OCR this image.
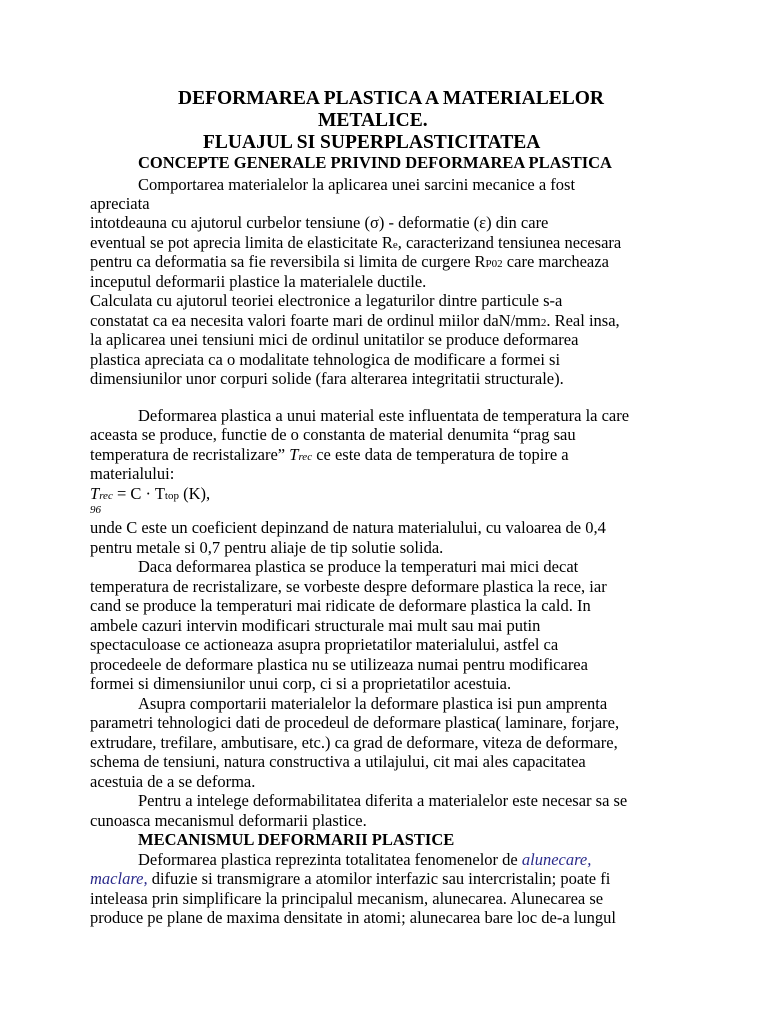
DEFORMAREA PLASTICA A MATERIALELOR
METALICE.
FLUAJUL SI SUPERPLASTICITATEA
CONCEPTE GENERALE PRIVIND DEFORMAREA PLASTICA
Comportarea materialelor la aplicarea unei sarcini mecanice a fost
apreciata
intotdeauna cu ajutorul curbelor tensiune (σ) - deformatie (ε) din care
eventual se pot aprecia limita de elasticitate Re, caracterizand tensiunea necesara
pentru ca deformatia sa fie reversibila si limita de curgere RP02 care marcheaza
inceputul deformarii plastice la materialele ductile.
Calculata cu ajutorul teoriei electronice a legaturilor dintre particule s-a
constatat ca ea necesita valori foarte mari de ordinul miilor daN/mm2. Real insa,
la aplicarea unei tensiuni mici de ordinul unitatilor se produce deformarea
plastica apreciata ca o modalitate tehnologica de modificare a formei si
dimensiunilor unor corpuri solide (fara alterarea integritatii structurale).
Deformarea plastica a unui material este influentata de temperatura la care
aceasta se produce, functie de o constanta de material denumita “prag sau
temperatura de recristalizare” Trec ce este data de temperatura de topire a
materialului:
Trec = C · Ttop (K),
96
unde C este un coeficient depinzand de natura materialului, cu valoarea de 0,4
pentru metale si 0,7 pentru aliaje de tip solutie solida.
Daca deformarea plastica se produce la temperaturi mai mici decat
temperatura de recristalizare, se vorbeste despre deformare plastica la rece, iar
cand se produce la temperaturi mai ridicate de deformare plastica la cald. In
ambele cazuri intervin modificari structurale mai mult sau mai putin
spectaculoase ce actioneaza asupra proprietatilor materialului, astfel ca
procedeele de deformare plastica nu se utilizeaza numai pentru modificarea
formei si dimensiunilor unui corp, ci si a proprietatilor acestuia.
Asupra comportarii materialelor la deformare plastica isi pun amprenta
parametri tehnologici dati de procedeul de deformare plastica( laminare, forjare,
extrudare, trefilare, ambutisare, etc.) ca grad de deformare, viteza de deformare,
schema de tensiuni, natura constructiva a utilajului, cit mai ales capacitatea
acestuia de a se deforma.
Pentru a intelege deformabilitatea diferita a materialelor este necesar sa se
cunoasca mecanismul deformarii plastice.
MECANISMUL DEFORMARII PLASTICE
Deformarea plastica reprezinta totalitatea fenomenelor de alunecare,
maclare, difuzie si transmigrare a atomilor interfazic sau intercristalin; poate fi
inteleasa prin simplificare la principalul mecanism, alunecarea. Alunecarea se
produce pe plane de maxima densitate in atomi; alunecarea bare loc de-a lungul
